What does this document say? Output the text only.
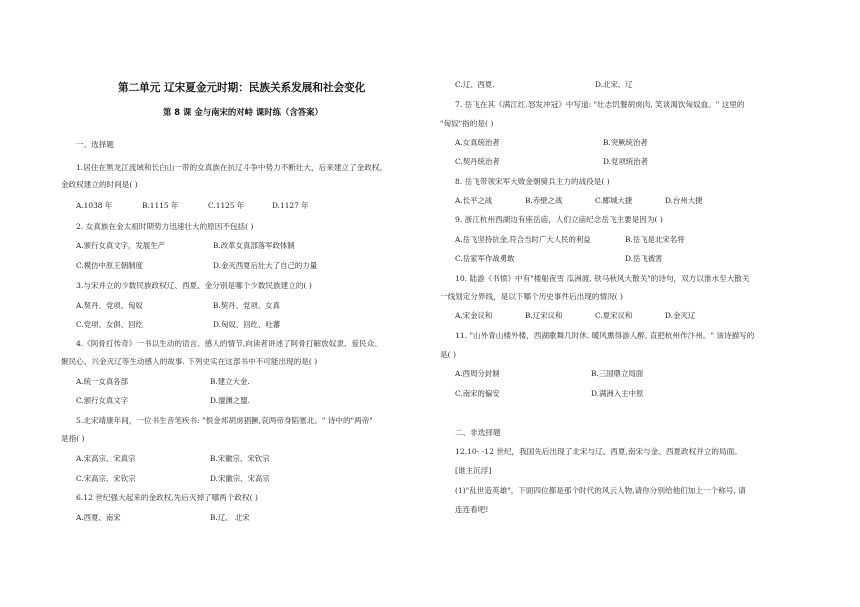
第二单元 辽宋夏金元时期：民族关系发展和社会变化
第 8 课 金与南宋的对峙 课时练（含答案）
一、选择题
1.居住在黑龙江流域和长白山一带的女真族在抗辽斗争中势力不断壮大，后来建立了金政权。
金政权建立的时间是( )
A.1038 年	B.1115 年	C.1125 年	D.1127 年
2. 女真族在金太祖时期势力迅速壮大的原因不包括( )
A.颁行女真文字，发展生产	B.改革女真部落军政体制
C.模仿中原王朝制度	D.金灭西夏后壮大了自己的力量
3.与宋并立的少数民族政权辽、西夏、金分别是哪个少数民族建立的( )
A.契丹、党项、匈奴	B.契丹、党项、女真
C.党项、女俱、回纥	D.匈奴、回纥、吐蕃
4.《阿骨打传奇》一书以生动的语言、感人的情节,向读者讲述了阿骨打解放奴隶、爱民众、
聚民心、兴金灭辽等生动感人的故事. 下列史实在这部书中不可能出现的是( )
A.统一女真各部	B.建立大金.
C.颁行女真文字	D.澶渊之盟.
5.北宋靖康年间，一位书生音笔疾书: "恨金邦胡虏猖獗,哀两帝身陷塞北。" 诗中的"两帝"
是指( )
A.宋高宗、宋真宗	B.宋徽宗、宋钦宗
C.宋高宗、宋钦宗	D.宋徽宗、宋高宗
6.12 世纪强大起来的金政权,先后灭掉了哪两个政权( )
A.西夏、南宋	B.辽、 北宋
C.辽、西夏.	D.北宋、辽
7. 岳飞在其《满江红.怒发冲冠》中写道: "壮志饥餐胡虏肉, 笑谈渴饮匈奴血。" 这里的
"匈奴"指的是( )
A.女真统治者	B.突厥统治者
C.契丹统治者	D.党项统治者
8. 岳飞带领宋军大败金朝骑兵主力的战役是( )
A.长平之战	B.赤壁之战	C.郾城大捷	D.台州大捷
9. 浙江杭州西湖边有座岳庙，人们立庙纪念岳飞主要是因为( )
A.岳飞坚持抗金,符合当时广大人民的利益	B.岳飞是北宋名将
C.岳家军作战勇敢	D.岳飞被害
10. 陆游《书愤》中有"楼船夜雪 瓜洲渡, 铁马秋风大散关"的诗句，双方以淮水至大散关
一线划定分界线，是以下哪个历史事件后出现的情况( )
A.宋金议和	B.辽宋议和	C.夏宋议和	D.金灭辽
11. "山外青山楼外楼，西湖歌舞几时休. 暖风熏得游人醉, 直把杭州作汴州。" 该诗描写的
是( )
A.西周分封制	B.三国鼎立局面
C.南宋的偏安	D.满洲入主中原
二、非选择题
12.10- -12 世纪，我国先后出现了北宋与辽、西夏,南宋与金、西夏政权并立的局面。
[谁主沉浮]
(1)"乱世造英雄"，下面四位都是那个时代的风云人物,请你分别给他们加上一个称号, 请
连连看吧!
